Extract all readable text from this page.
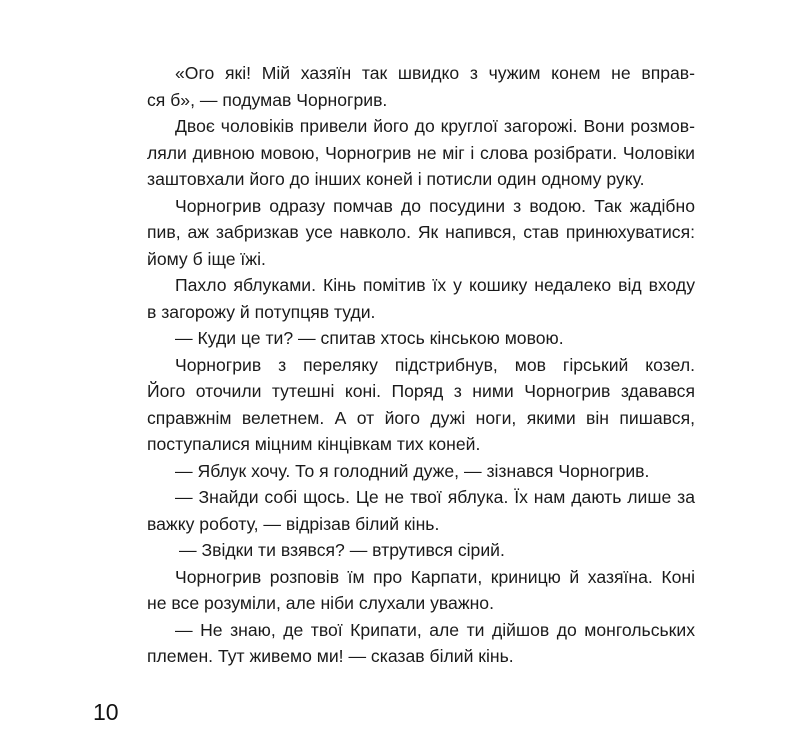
«Ого які! Мій хазяїн так швидко з чужим конем не вправ-
ся б», — подумав Чорногрив.
Двоє чоловіків привели його до круглої загорожі. Вони розмов-
ляли дивною мовою, Чорногрив не міг і слова розібрати. Чоловіки
заштовхали його до інших коней і потисли один одному руку.
Чорногрив одразу помчав до посудини з водою. Так жадібно
пив, аж забризкав усе навколо. Як напився, став принюхуватися:
йому б іще їжі.
Пахло яблуками. Кінь помітив їх у кошику недалеко від входу
в загорожу й потупцяв туди.
— Куди це ти? — спитав хтось кінською мовою.
Чорногрив з переляку підстрибнув, мов гірський козел.
Його оточили тутешні коні. Поряд з ними Чорногрив здавався
справжнім велетнем. А от його дужі ноги, якими він пишався,
поступалися міцним кінцівкам тих коней.
— Яблук хочу. То я голодний дуже, — зізнався Чорногрив.
— Знайди собі щось. Це не твої яблука. Їх нам дають лише за
важку роботу, — відрізав білий кінь.
— Звідки ти взявся? — втрутився сірий.
Чорногрив розповів їм про Карпати, криницю й хазяїна. Коні
не все розуміли, але ніби слухали уважно.
— Не знаю, де твої Крипати, але ти дійшов до монгольських
племен. Тут живемо ми! — сказав білий кінь.
10
